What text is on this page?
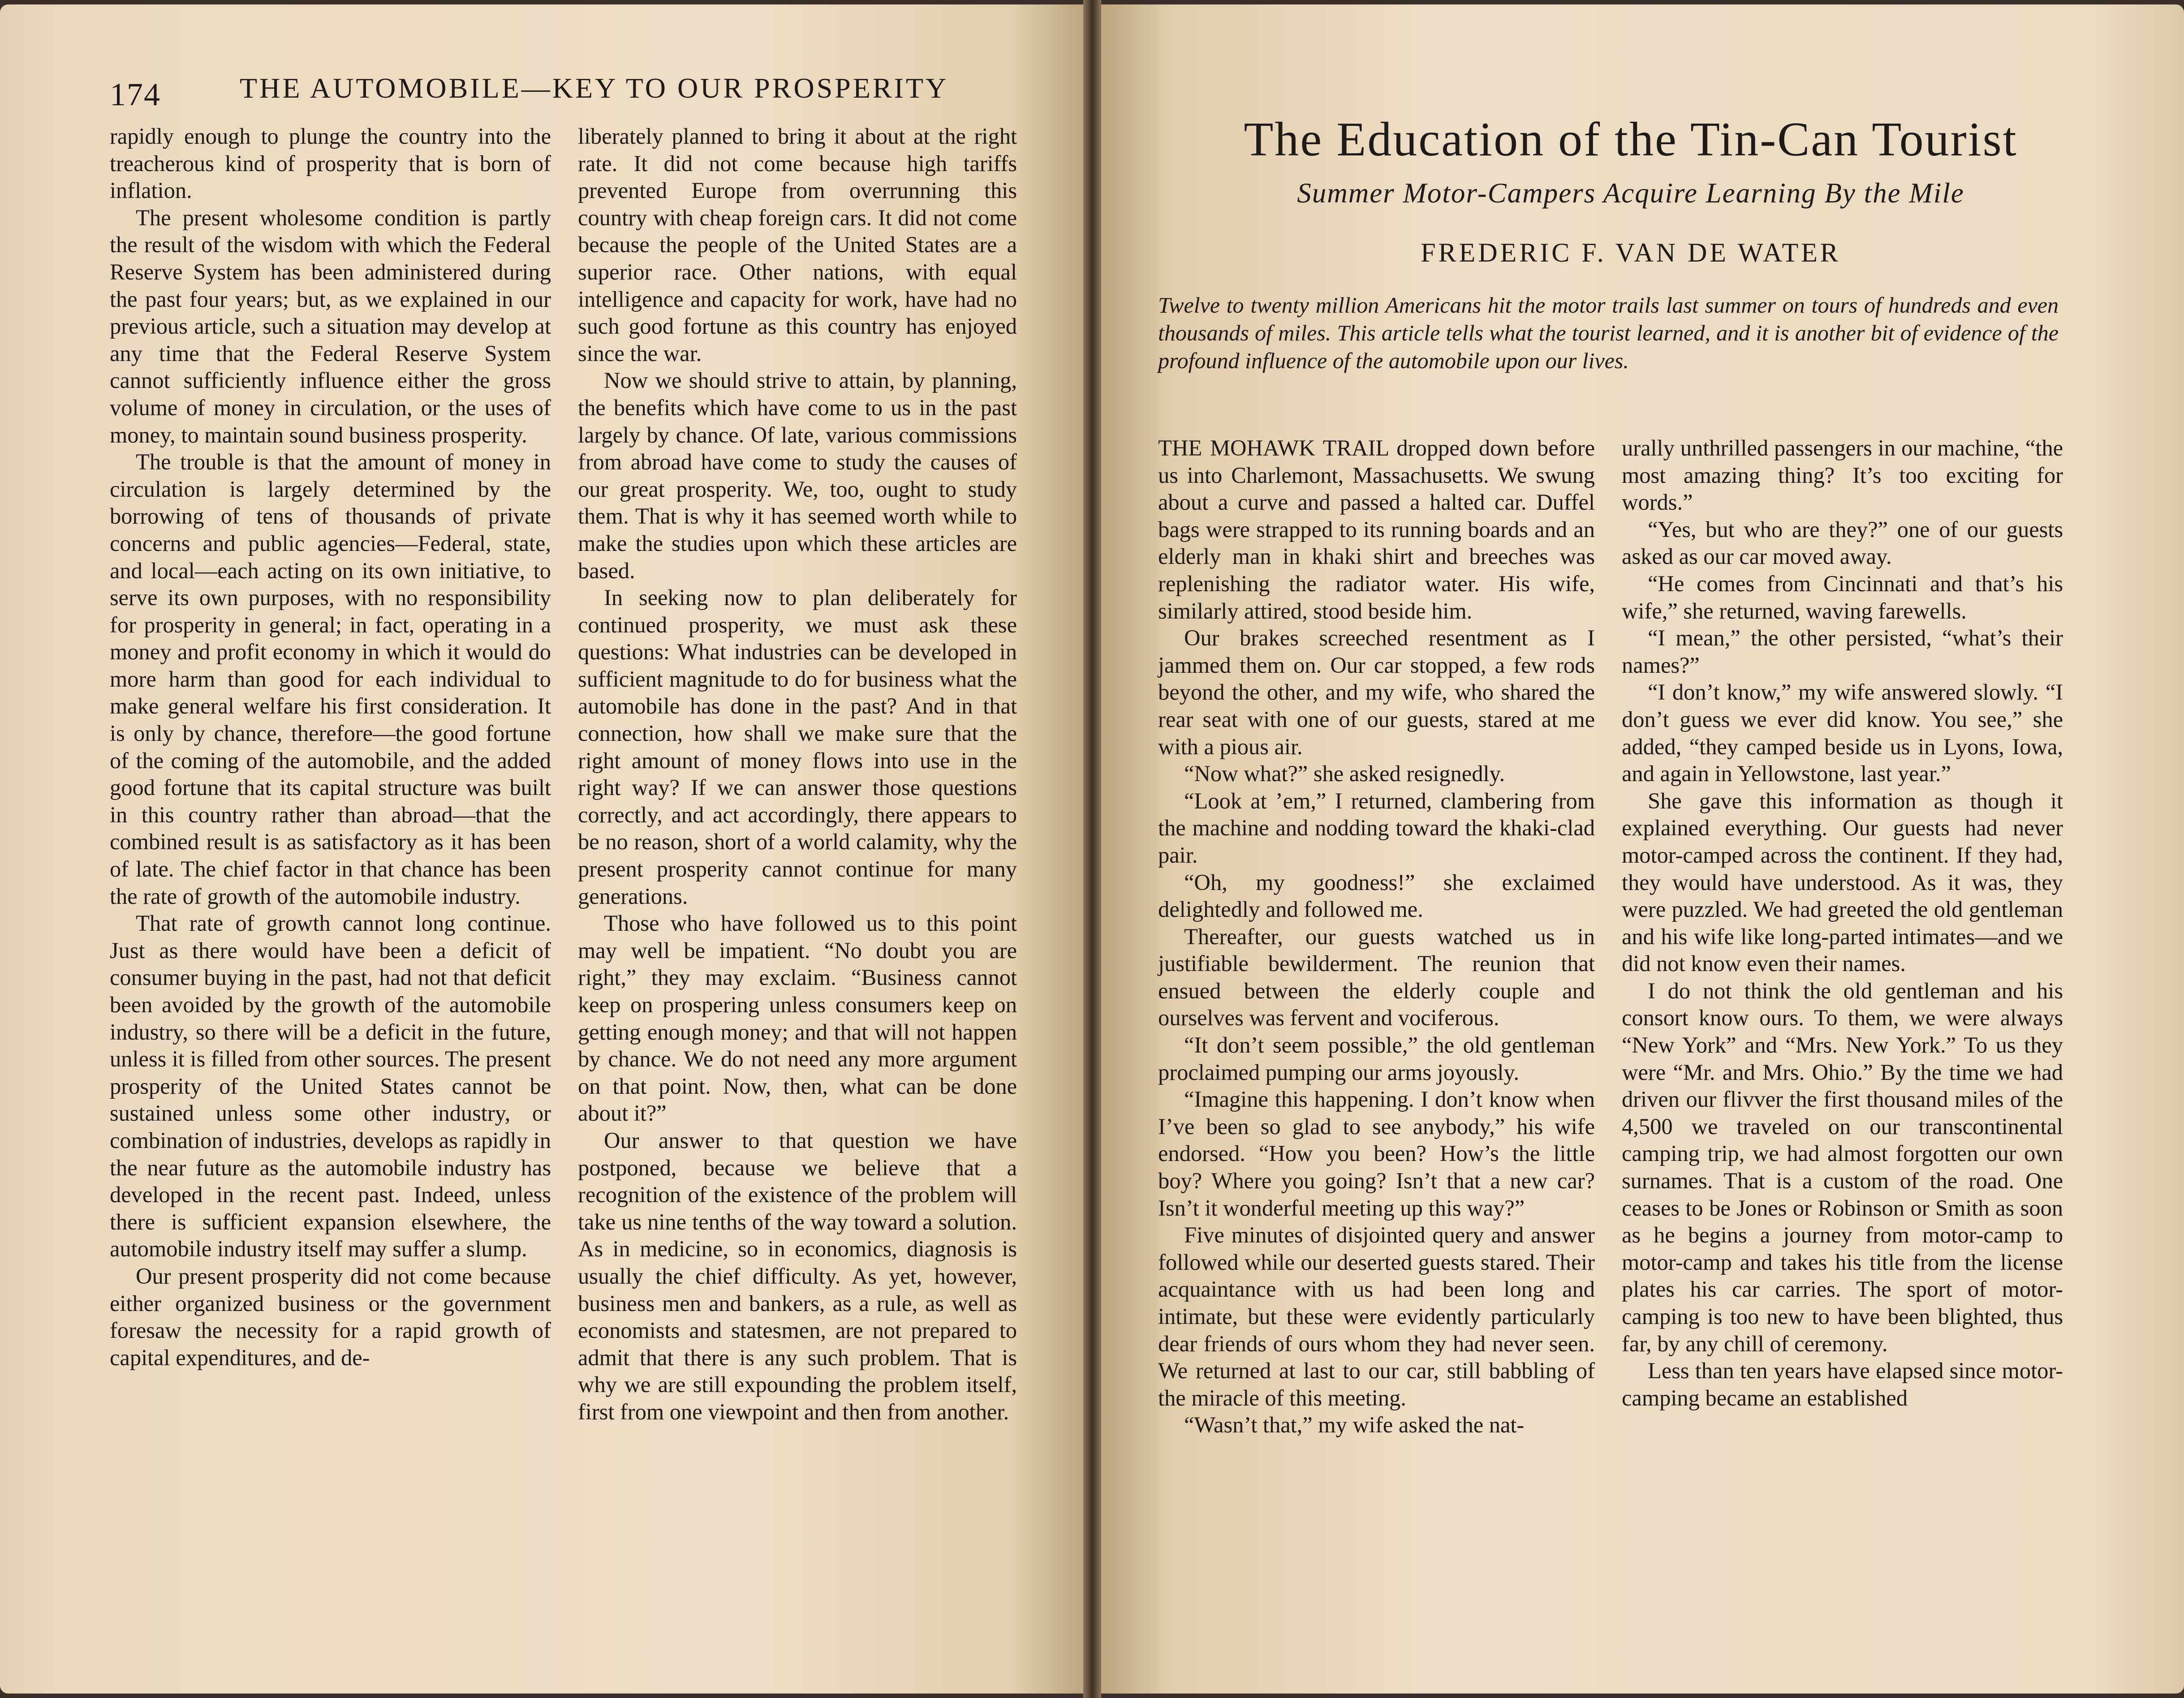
174	THE AUTOMOBILE—KEY TO OUR PROSPERITY

rapidly enough to plunge the country into the treacherous kind of prosperity that is born of inflation.

The present wholesome condition is partly the result of the wisdom with which the Federal Reserve System has been administered during the past four years; but, as we explained in our previous article, such a situation may develop at any time that the Federal Reserve System cannot sufficiently influence either the gross volume of money in circulation, or the uses of money, to maintain sound business prosperity.

The trouble is that the amount of money in circulation is largely determined by the borrowing of tens of thousands of private concerns and public agencies—Federal, state, and local—each acting on its own initiative, to serve its own purposes, with no responsibility for prosperity in general; in fact, operating in a money and profit economy in which it would do more harm than good for each individual to make general welfare his first consideration. It is only by chance, therefore—the good fortune of the coming of the automobile, and the added good fortune that its capital structure was built in this country rather than abroad—that the combined result is as satisfactory as it has been of late. The chief factor in that chance has been the rate of growth of the automobile industry.

That rate of growth cannot long continue. Just as there would have been a deficit of consumer buying in the past, had not that deficit been avoided by the growth of the automobile industry, so there will be a deficit in the future, unless it is filled from other sources. The present prosperity of the United States cannot be sustained unless some other industry, or combination of industries, develops as rapidly in the near future as the automobile industry has developed in the recent past. Indeed, unless there is sufficient expansion elsewhere, the automobile industry itself may suffer a slump.

Our present prosperity did not come because either organized business or the government foresaw the necessity for a rapid growth of capital expenditures, and de-

liberately planned to bring it about at the right rate. It did not come because high tariffs prevented Europe from overrunning this country with cheap foreign cars. It did not come because the people of the United States are a superior race. Other nations, with equal intelligence and capacity for work, have had no such good fortune as this country has enjoyed since the war.

Now we should strive to attain, by planning, the benefits which have come to us in the past largely by chance. Of late, various commissions from abroad have come to study the causes of our great prosperity. We, too, ought to study them. That is why it has seemed worth while to make the studies upon which these articles are based.

In seeking now to plan deliberately for continued prosperity, we must ask these questions: What industries can be developed in sufficient magnitude to do for business what the automobile has done in the past? And in that connection, how shall we make sure that the right amount of money flows into use in the right way? If we can answer those questions correctly, and act accordingly, there appears to be no reason, short of a world calamity, why the present prosperity cannot continue for many generations.

Those who have followed us to this point may well be impatient. “No doubt you are right,” they may exclaim. “Business cannot keep on prospering unless consumers keep on getting enough money; and that will not happen by chance. We do not need any more argument on that point. Now, then, what can be done about it?”

Our answer to that question we have postponed, because we believe that a recognition of the existence of the problem will take us nine tenths of the way toward a solution. As in medicine, so in economics, diagnosis is usually the chief difficulty. As yet, however, business men and bankers, as a rule, as well as economists and statesmen, are not prepared to admit that there is any such problem. That is why we are still expounding the problem itself, first from one viewpoint and then from another.

The Education of the Tin-Can Tourist
Summer Motor-Campers Acquire Learning By the Mile
FREDERIC F. VAN DE WATER
Twelve to twenty million Americans hit the motor trails last summer on tours of hundreds and even thousands of miles. This article tells what the tourist learned, and it is another bit of evidence of the profound influence of the automobile upon our lives.

THE MOHAWK TRAIL dropped down before us into Charlemont, Massachusetts. We swung about a curve and passed a halted car. Duffel bags were strapped to its running boards and an elderly man in khaki shirt and breeches was replenishing the radiator water. His wife, similarly attired, stood beside him.

Our brakes screeched resentment as I jammed them on. Our car stopped, a few rods beyond the other, and my wife, who shared the rear seat with one of our guests, stared at me with a pious air.

“Now what?” she asked resignedly.

“Look at ’em,” I returned, clambering from the machine and nodding toward the khaki-clad pair.

“Oh, my goodness!” she exclaimed delightedly and followed me.

Thereafter, our guests watched us in justifiable bewilderment. The reunion that ensued between the elderly couple and ourselves was fervent and vociferous.

“It don’t seem possible,” the old gentleman proclaimed pumping our arms joyously.

“Imagine this happening. I don’t know when I’ve been so glad to see anybody,” his wife endorsed. “How you been? How’s the little boy? Where you going? Isn’t that a new car? Isn’t it wonderful meeting up this way?”

Five minutes of disjointed query and answer followed while our deserted guests stared. Their acquaintance with us had been long and intimate, but these were evidently particularly dear friends of ours whom they had never seen. We returned at last to our car, still babbling of the miracle of this meeting.

“Wasn’t that,” my wife asked the nat-

urally unthrilled passengers in our machine, “the most amazing thing? It’s too exciting for words.”

“Yes, but who are they?” one of our guests asked as our car moved away.

“He comes from Cincinnati and that’s his wife,” she returned, waving farewells.

“I mean,” the other persisted, “what’s their names?”

“I don’t know,” my wife answered slowly. “I don’t guess we ever did know. You see,” she added, “they camped beside us in Lyons, Iowa, and again in Yellowstone, last year.”

She gave this information as though it explained everything. Our guests had never motor-camped across the continent. If they had, they would have understood. As it was, they were puzzled. We had greeted the old gentleman and his wife like long-parted intimates—and we did not know even their names.

I do not think the old gentleman and his consort know ours. To them, we were always “New York” and “Mrs. New York.” To us they were “Mr. and Mrs. Ohio.” By the time we had driven our flivver the first thousand miles of the 4,500 we traveled on our transcontinental camping trip, we had almost forgotten our own surnames. That is a custom of the road. One ceases to be Jones or Robinson or Smith as soon as he begins a journey from motor-camp to motor-camp and takes his title from the license plates his car carries. The sport of motor-camping is too new to have been blighted, thus far, by any chill of ceremony.

Less than ten years have elapsed since motor-camping became an established
